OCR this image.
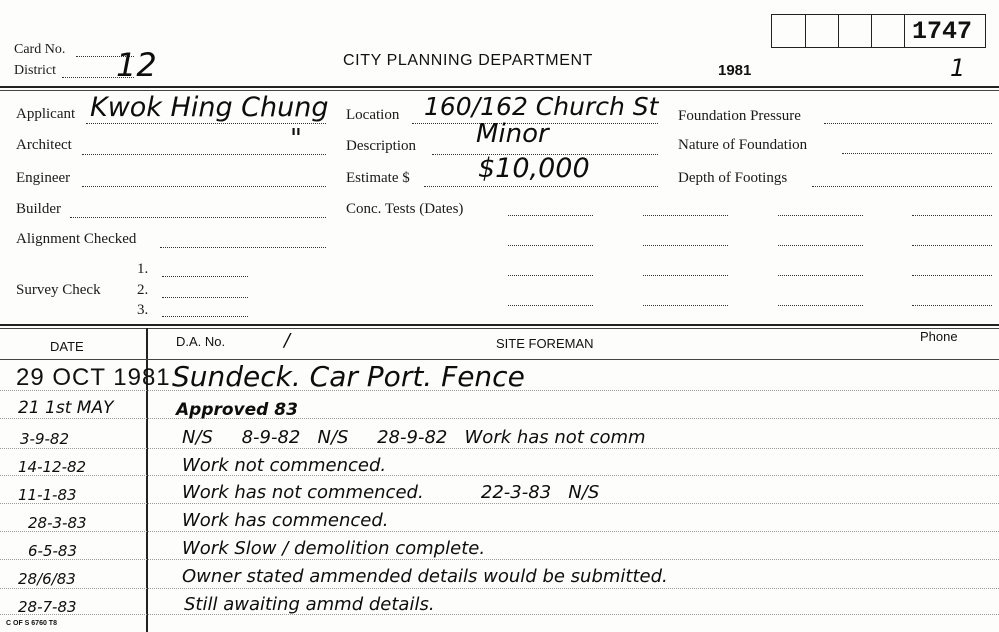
1747
Card No.
District 12	CITY PLANNING DEPARTMENT
1981	1
Applicant Kwok Hing Chung
Architect	"
Engineer
Builder
Alignment Checked
1.
Survey Check 2.
3.
Location 160/162 Church St
Description Minor
Estimate $	$10,000
Conc. Tests (Dates)
Foundation Pressure
Nature of Foundation
Depth of Footings
DATE	D.A. No.	/	SITE FOREMAN	Phone
29 OCT 1981 Sundeck. Car Port. Fence
21 1st MAY	Approved 83
3-9-82	N/S     8-9-82   N/S     28-9-82   Work has not comm
14-12-82	Work not commenced.
11-1-83	Work has not commenced.          22-3-83   N/S
28-3-83	Work has commenced.
6-5-83	Work Slow / demolition complete.
28/6/83	Owner stated ammended details would be submitted.
28-7-83	Still awaiting ammd details.
C OF S 6760 T8
